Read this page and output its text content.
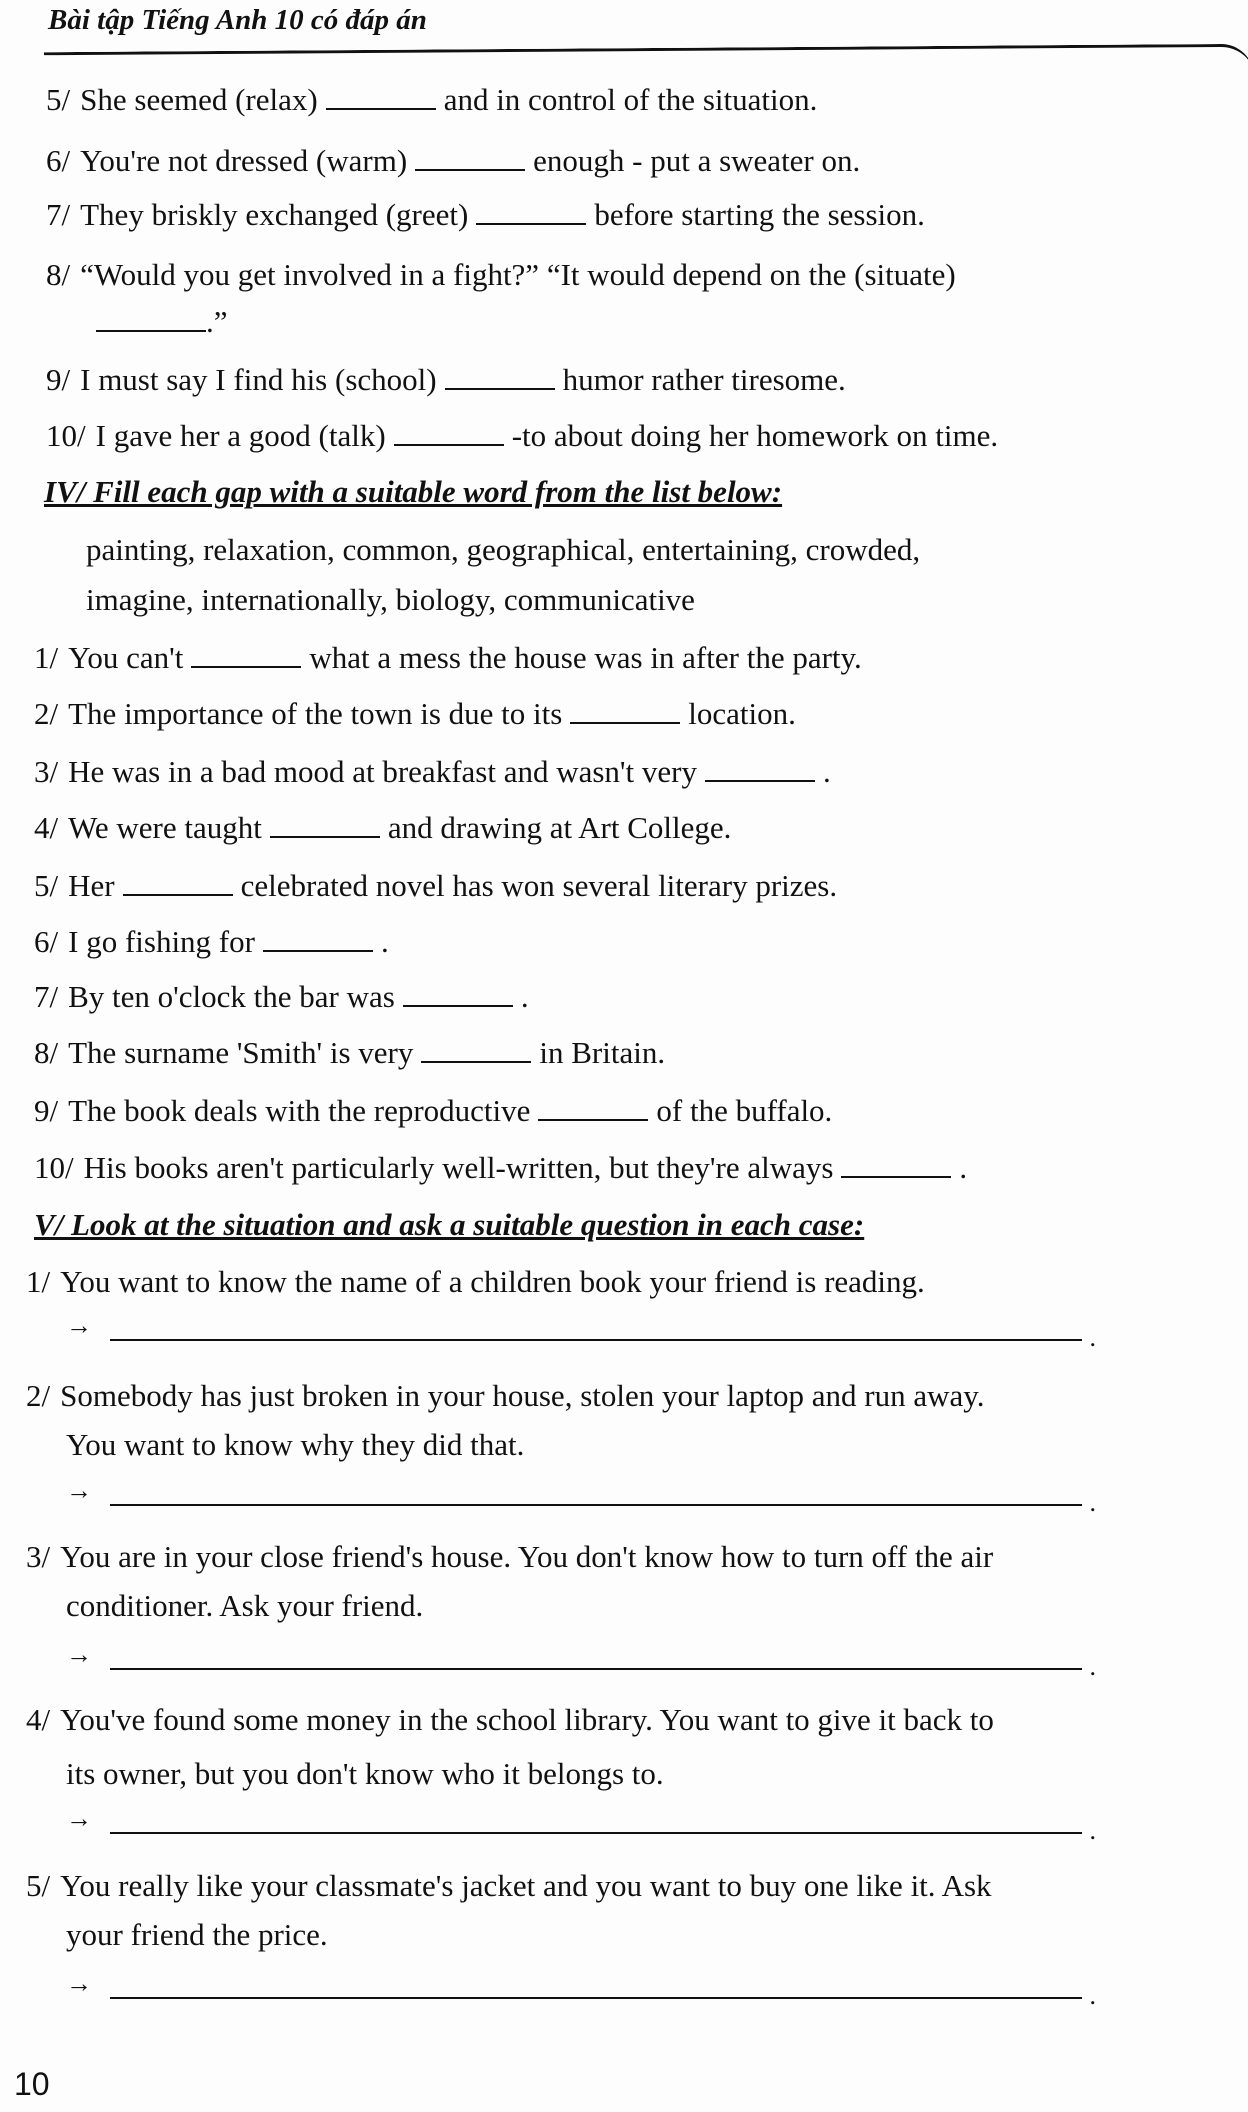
Bài tập Tiếng Anh 10 có đáp án
5/ She seemed (relax)	and in control of the situation.
6/ You're not dressed (warm)	enough - put a sweater on.
7/ They briskly exchanged (greet)	before starting the session.
8/ “Would you get involved in a fight?” “It would depend on the (situate)
.”
9/ I must say I find his (school)	humor rather tiresome.
10/ I gave her a good (talk)	-to about doing her homework on time.
IV/ Fill each gap with a suitable word from the list below:
painting, relaxation, common, geographical, entertaining, crowded,
imagine, internationally, biology, communicative
1/ You can't	what a mess the house was in after the party.
2/ The importance of the town is due to its	location.
3/ He was in a bad mood at breakfast and wasn't very	.
4/ We were taught	and drawing at Art College.
5/ Her	celebrated novel has won several literary prizes.
6/ I go fishing for	.
7/ By ten o'clock the bar was	.
8/ The surname 'Smith' is very	in Britain.
9/ The book deals with the reproductive	of the buffalo.
10/ His books aren't particularly well-written, but they're always	.
V/ Look at the situation and ask a suitable question in each case:
1/ You want to know the name of a children book your friend is reading.
→	.
2/ Somebody has just broken in your house, stolen your laptop and run away.
You want to know why they did that.
→	.
3/ You are in your close friend's house. You don't know how to turn off the air
conditioner. Ask your friend.
→	.
4/ You've found some money in the school library. You want to give it back to
its owner, but you don't know who it belongs to.
→	.
5/ You really like your classmate's jacket and you want to buy one like it. Ask
your friend the price.
→	.
10
